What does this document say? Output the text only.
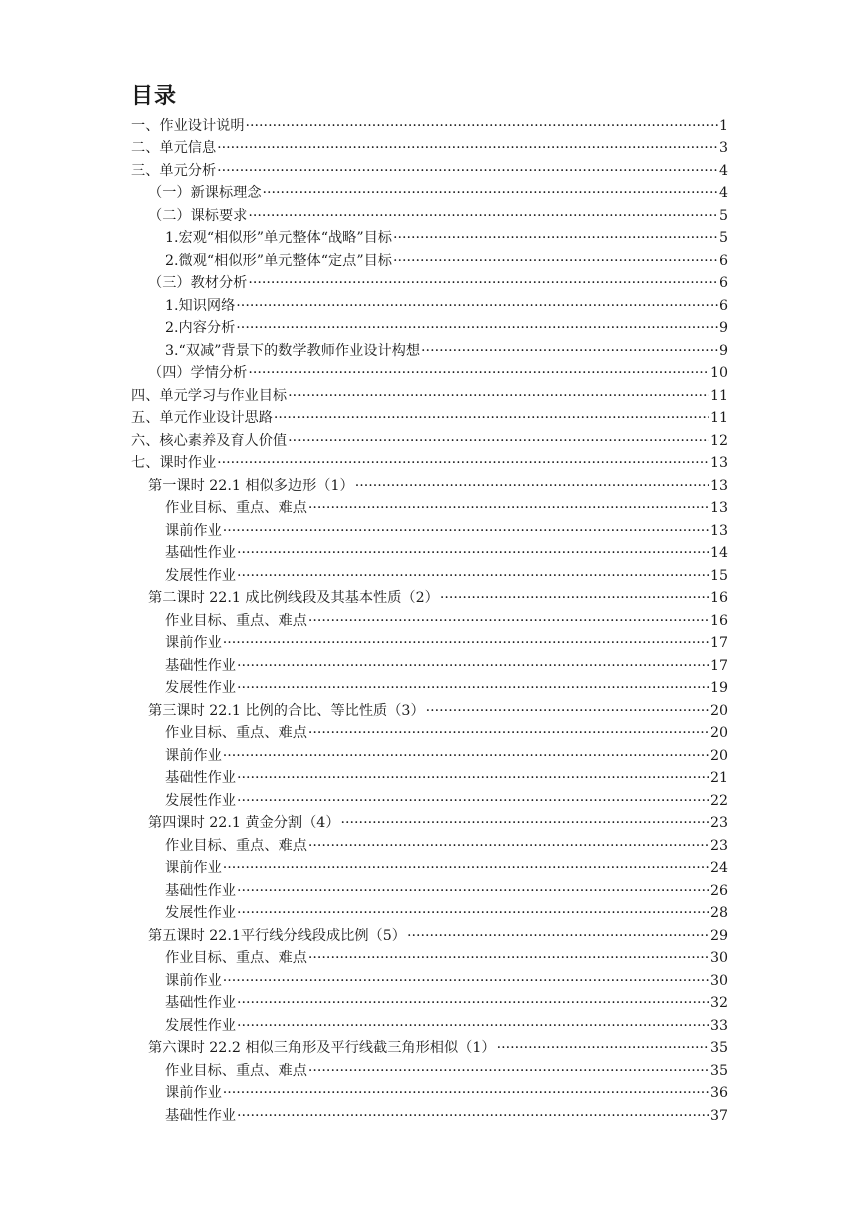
目录
一、作业设计说明 ·····	1
二、单元信息 ·····	3
三、单元分析 ·····	4
（一）新课标理念 ·····	4
（二）课标要求 ·····	5
1.宏观“相似形”单元整体“战略”目标 ·····	5
2.微观“相似形”单元整体“定点”目标 ·····	6
（三）教材分析 ·····	6
1.知识网络 ·····	6
2.内容分析 ·····	9
3.“双减”背景下的数学教师作业设计构想 ·····	9
（四）学情分析 ·····	10
四、单元学习与作业目标 ·····	11
五、单元作业设计思路 ·····	11
六、核心素养及育人价值 ·····	12
七、课时作业 ·····	13
第一课时 22.1 相似多边形（1） ·····	13
作业目标、重点、难点 ·····	13
课前作业 ·····	13
基础性作业 ·····	14
发展性作业 ·····	15
第二课时 22.1 成比例线段及其基本性质（2） ·····	16
作业目标、重点、难点 ·····	16
课前作业 ·····	17
基础性作业 ·····	17
发展性作业 ·····	19
第三课时 22.1 比例的合比、等比性质（3） ·····	20
作业目标、重点、难点 ·····	20
课前作业 ·····	20
基础性作业 ·····	21
发展性作业 ·····	22
第四课时 22.1 黄金分割（4） ·····	23
作业目标、重点、难点 ·····	23
课前作业 ·····	24
基础性作业 ·····	26
发展性作业 ·····	28
第五课时 22.1平行线分线段成比例（5） ·····	29
作业目标、重点、难点 ·····	30
课前作业 ·····	30
基础性作业 ·····	32
发展性作业 ·····	33
第六课时 22.2 相似三角形及平行线截三角形相似（1） ·····	35
作业目标、重点、难点 ·····	35
课前作业 ·····	36
基础性作业 ·····	37
